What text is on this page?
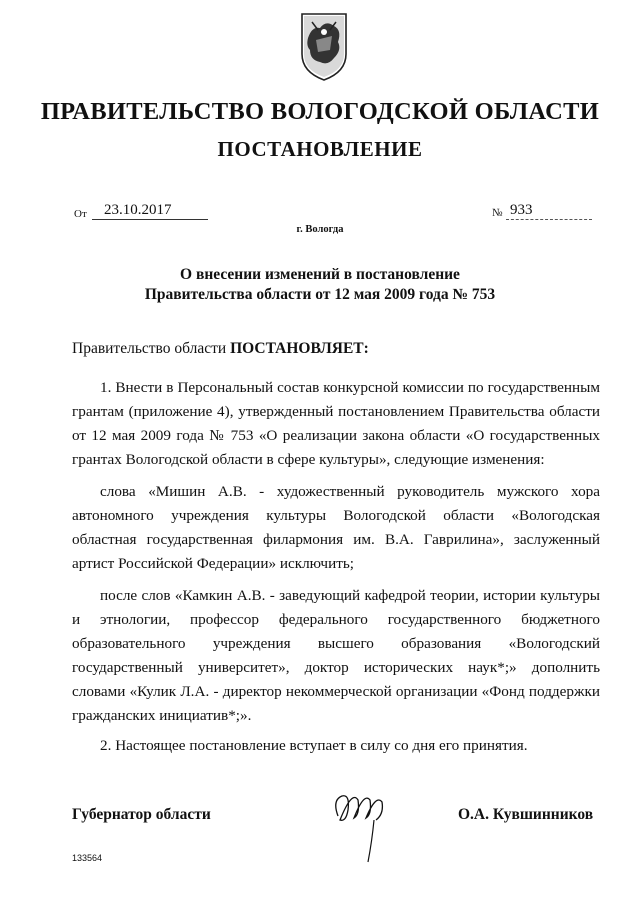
ПРАВИТЕЛЬСТВО ВОЛОГОДСКОЙ ОБЛАСТИ
ПОСТАНОВЛЕНИЕ
От	23.10.2017	№ 933
г. Вологда
О внесении изменений в постановление
Правительства области от 12 мая 2009 года № 753
Правительство области ПОСТАНОВЛЯЕТ:

1. Внести в Персональный состав конкурсной комиссии по государственным грантам (приложение 4), утвержденный постановлением Правительства области от 12 мая 2009 года № 753 «О реализации закона области «О государственных грантах Вологодской области в сфере культуры», следующие изменения:

слова «Мишин А.В. - художественный руководитель мужского хора автономного учреждения культуры Вологодской области «Вологодская областная государственная филармония им. В.А. Гаврилина», заслуженный артист Российской Федерации» исключить;

после слов «Камкин А.В. - заведующий кафедрой теории, истории культуры и этнологии, профессор федерального государственного бюджетного образовательного учреждения высшего образования «Вологодский государственный университет», доктор исторических наук*;» дополнить словами «Кулик Л.А. - директор некоммерческой организации «Фонд поддержки гражданских инициатив*;».

2. Настоящее постановление вступает в силу со дня его принятия.

Губернатор области	О.А. Кувшинников
133564
